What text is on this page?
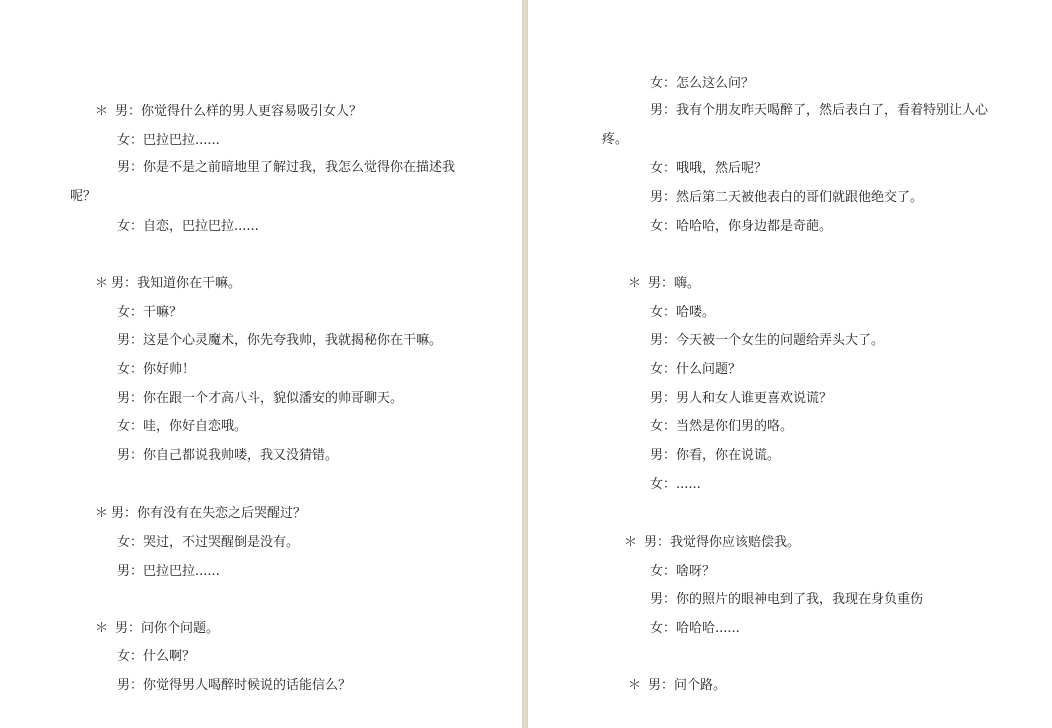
＊ 男：你觉得什么样的男人更容易吸引女人？
女：巴拉巴拉......
男：你是不是之前暗地里了解过我，我怎么觉得你在描述我呢？
女：自恋，巴拉巴拉......
＊ 男：我知道你在干嘛。
女：干嘛？
男：这是个心灵魔术，你先夸我帅，我就揭秘你在干嘛。
女：你好帅！
男：你在跟一个才高八斗，貌似潘安的帅哥聊天。
女：哇，你好自恋哦。
男：你自己都说我帅喽，我又没猜错。
＊ 男：你有没有在失恋之后哭醒过？
女：哭过，不过哭醒倒是没有。
男：巴拉巴拉......
＊ 男：问你个问题。
女：什么啊？
男：你觉得男人喝醉时候说的话能信么？
女：怎么这么问？
男：我有个朋友昨天喝醉了，然后表白了，看着特别让人心疼。
女：哦哦，然后呢？
男：然后第二天被他表白的哥们就跟他绝交了。
女：哈哈哈，你身边都是奇葩。
＊ 男：嗨。
女：哈喽。
男：今天被一个女生的问题给弄头大了。
女：什么问题？
男：男人和女人谁更喜欢说谎？
女：当然是你们男的咯。
男：你看，你在说谎。
女：......
＊ 男：我觉得你应该赔偿我。
女：啥呀？
男：你的照片的眼神电到了我，我现在身负重伤
女：哈哈哈......
＊ 男：问个路。
